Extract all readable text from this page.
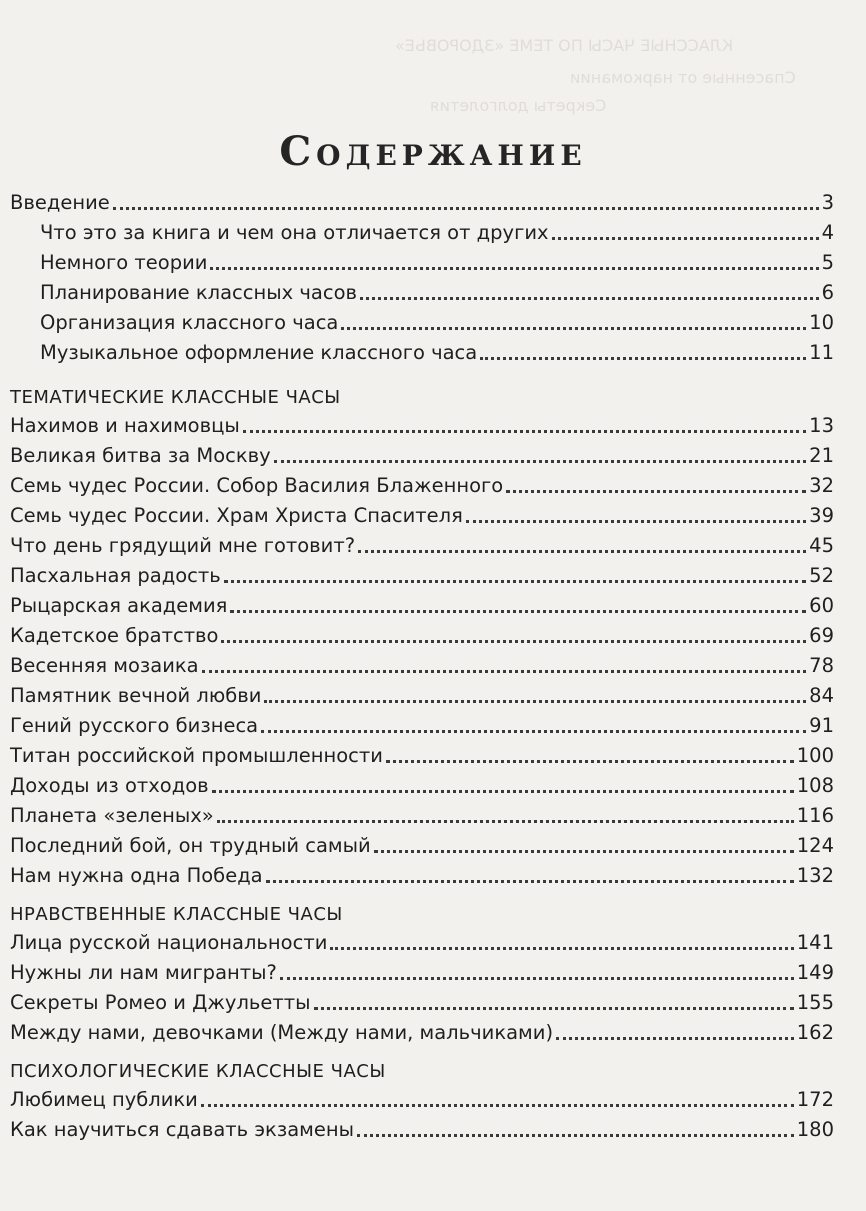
КЛАССНЫЕ ЧАСЫ ПО ТЕМЕ «ЗДОРОВЬЕ»
Спасенные от наркомании
Секреты долголетия
Содержание
Введение	3
Что это за книга и чем она отличается от других	4
Немного теории	5
Планирование классных часов	6
Организация классного часа	10
Музыкальное оформление классного часа	11
ТЕМАТИЧЕСКИЕ КЛАССНЫЕ ЧАСЫ
Нахимов и нахимовцы	13
Великая битва за Москву	21
Семь чудес России. Собор Василия Блаженного	32
Семь чудес России. Храм Христа Спасителя	39
Что день грядущий мне готовит?	45
Пасхальная радость	52
Рыцарская академия	60
Кадетское братство	69
Весенняя мозаика	78
Памятник вечной любви	84
Гений русского бизнеса	91
Титан российской промышленности	100
Доходы из отходов	108
Планета «зеленых»	116
Последний бой, он трудный самый	124
Нам нужна одна Победа	132
НРАВСТВЕННЫЕ КЛАССНЫЕ ЧАСЫ
Лица русской национальности	141
Нужны ли нам мигранты?	149
Секреты Ромео и Джульетты	155
Между нами, девочками (Между нами, мальчиками)	162
ПСИХОЛОГИЧЕСКИЕ КЛАССНЫЕ ЧАСЫ
Любимец публики	172
Как научиться сдавать экзамены	180
